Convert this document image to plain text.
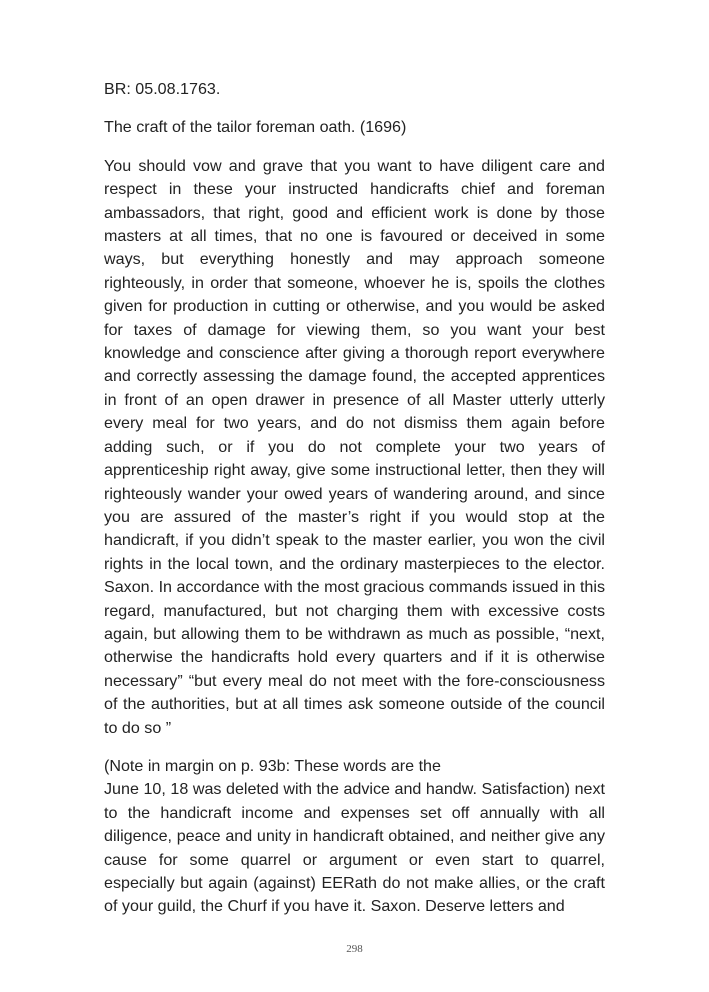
BR: 05.08.1763.

The craft of the tailor foreman oath. (1696)

You should vow and grave that you want to have diligent care and respect in these your instructed handicrafts chief and foreman ambassadors, that right, good and efficient work is done by those masters at all times, that no one is favoured or deceived in some ways, but everything honestly and may approach someone righteously, in order that someone, whoever he is, spoils the clothes given for production in cutting or otherwise, and you would be asked for taxes of damage for viewing them, so you want your best knowledge and conscience after giving a thorough report everywhere and correctly assessing the damage found, the accepted apprentices in front of an open drawer in presence of all Master utterly utterly every meal for two years, and do not dismiss them again before adding such, or if you do not complete your two years of apprenticeship right away, give some instructional letter, then they will righteously wander your owed years of wandering around, and since you are assured of the master’s right if you would stop at the handicraft, if you didn’t speak to the master earlier, you won the civil rights in the local town, and the ordinary masterpieces to the elector. Saxon. In accordance with the most gracious commands issued in this regard, manufactured, but not charging them with excessive costs again, but allowing them to be withdrawn as much as possible, “next, otherwise the handicrafts hold every quarters and if it is otherwise necessary” “but every meal do not meet with the fore-consciousness of the authorities, but at all times ask someone outside of the council to do so ”

(Note in margin on p. 93b: These words are the
June 10, 18 was deleted with the advice and handw. Satisfaction) next to the handicraft income and expenses set off annually with all diligence, peace and unity in handicraft obtained, and neither give any cause for some quarrel or argument or even start to quarrel, especially but again (against) EERath do not make allies, or the craft of your guild, the Churf if you have it. Saxon. Deserve letters and

298
